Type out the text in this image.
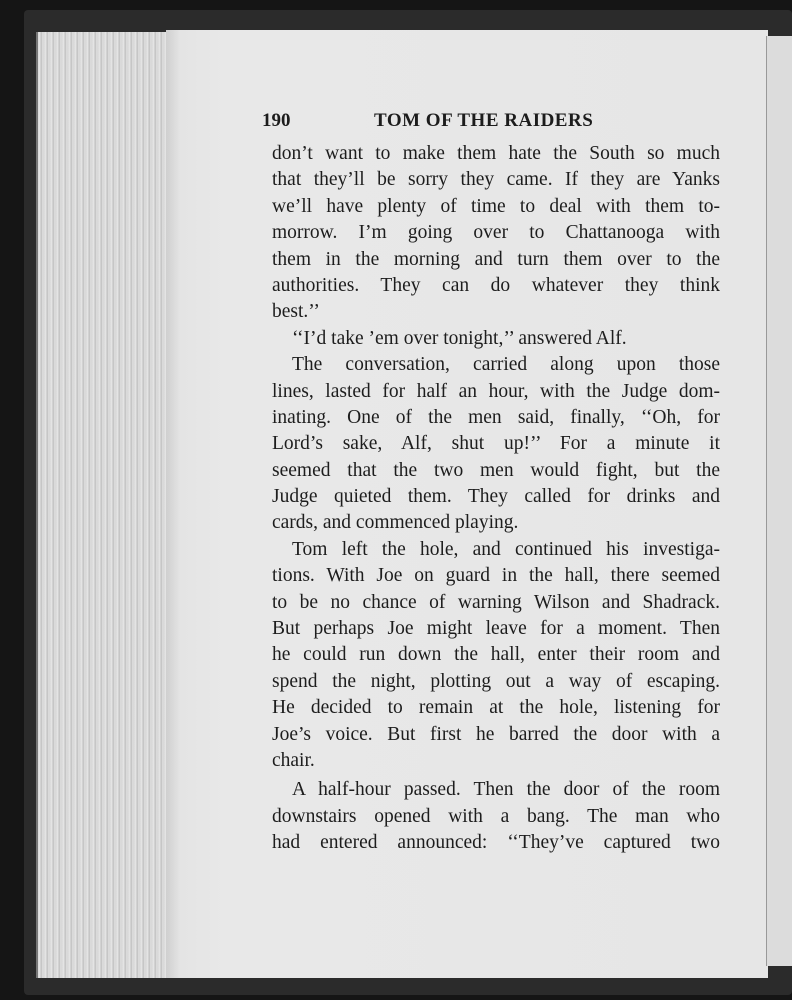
190	TOM OF THE RAIDERS
don’t want to make them hate the South so much
that they’ll be sorry they came. If they are Yanks
we’ll have plenty of time to deal with them to-
morrow. I’m going over to Chattanooga with
them in the morning and turn them over to the
authorities. They can do whatever they think
best.’’
‘‘I’d take ’em over tonight,’’ answered Alf.
The conversation, carried along upon those
lines, lasted for half an hour, with the Judge dom-
inating. One of the men said, finally, ‘‘Oh, for
Lord’s sake, Alf, shut up!’’ For a minute it
seemed that the two men would fight, but the
Judge quieted them. They called for drinks and
cards, and commenced playing.
Tom left the hole, and continued his investiga-
tions. With Joe on guard in the hall, there seemed
to be no chance of warning Wilson and Shadrack.
But perhaps Joe might leave for a moment. Then
he could run down the hall, enter their room and
spend the night, plotting out a way of escaping.
He decided to remain at the hole, listening for
Joe’s voice. But first he barred the door with a
chair.
A half-hour passed. Then the door of the room
downstairs opened with a bang. The man who
had entered announced: ‘‘They’ve captured two
